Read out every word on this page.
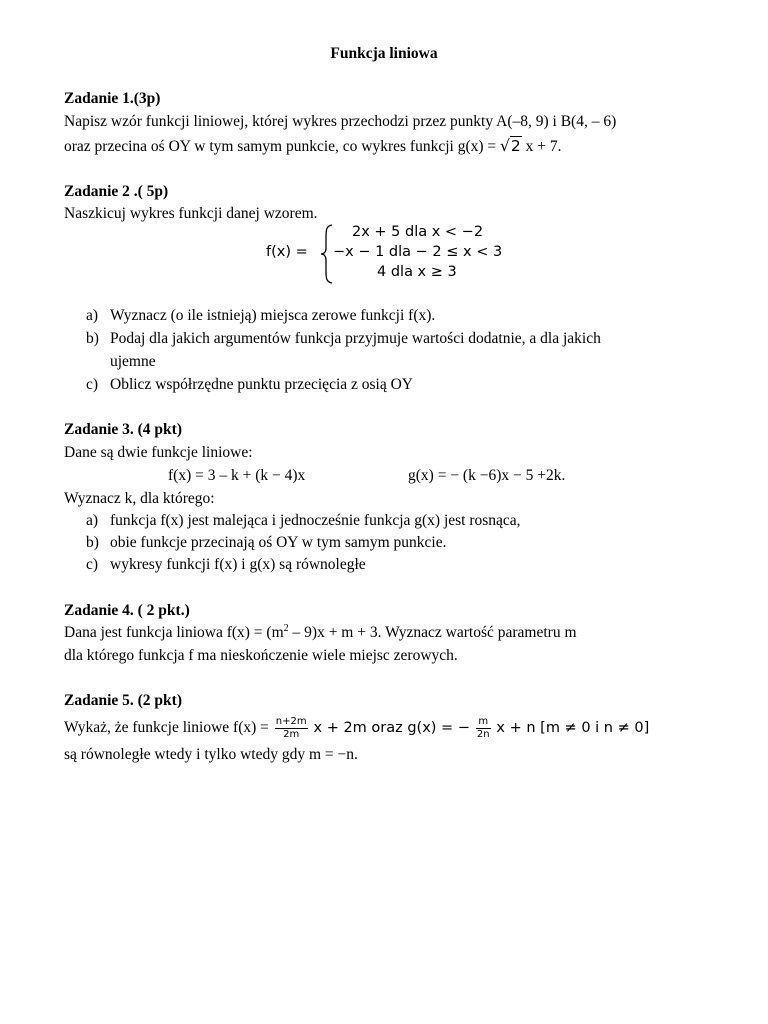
Funkcja liniowa
Zadanie 1.(3p)
Napisz wzór funkcji liniowej, której wykres przechodzi przez punkty A(–8, 9) i B(4, – 6)
oraz przecina oś OY w tym samym punkcie, co wykres funkcji g(x) = √2 x + 7.
Zadanie 2 .( 5p)
Naszkicuj wykres funkcji danej wzorem.
f(x) =
2x + 5 dla x < −2
−x − 1 dla − 2 ≤ x < 3
4 dla x ≥ 3
a) Wyznacz (o ile istnieją) miejsca zerowe funkcji f(x).
b) Podaj dla jakich argumentów funkcja przyjmuje wartości dodatnie, a dla jakich
ujemne
c) Oblicz współrzędne punktu przecięcia z osią OY
Zadanie 3. (4 pkt)
Dane są dwie funkcje liniowe:
f(x) = 3 – k + (k − 4)x	g(x) = − (k −6)x − 5 +2k.
Wyznacz k, dla którego:
a) funkcja f(x) jest malejąca i jednocześnie funkcja g(x) jest rosnąca,
b) obie funkcje przecinają oś OY w tym samym punkcie.
c) wykresy funkcji f(x) i g(x) są równoległe
Zadanie 4. ( 2 pkt.)
Dana jest funkcja liniowa $f(x) = (m^2 - 9)x + m + 3$. Wyznacz wartość parametru m
dla którego funkcja f ma nieskończenie wiele miejsc zerowych.
Zadanie 5. (2 pkt)
Wykaż, że funkcje liniowe $f(x) = \frac{n+2m}{2m}$ x + 2m oraz g(x) = − $\frac{m}{2n}$ x + n [m ≠ 0 i n ≠ 0]
są równoległe wtedy i tylko wtedy gdy m = −n.
